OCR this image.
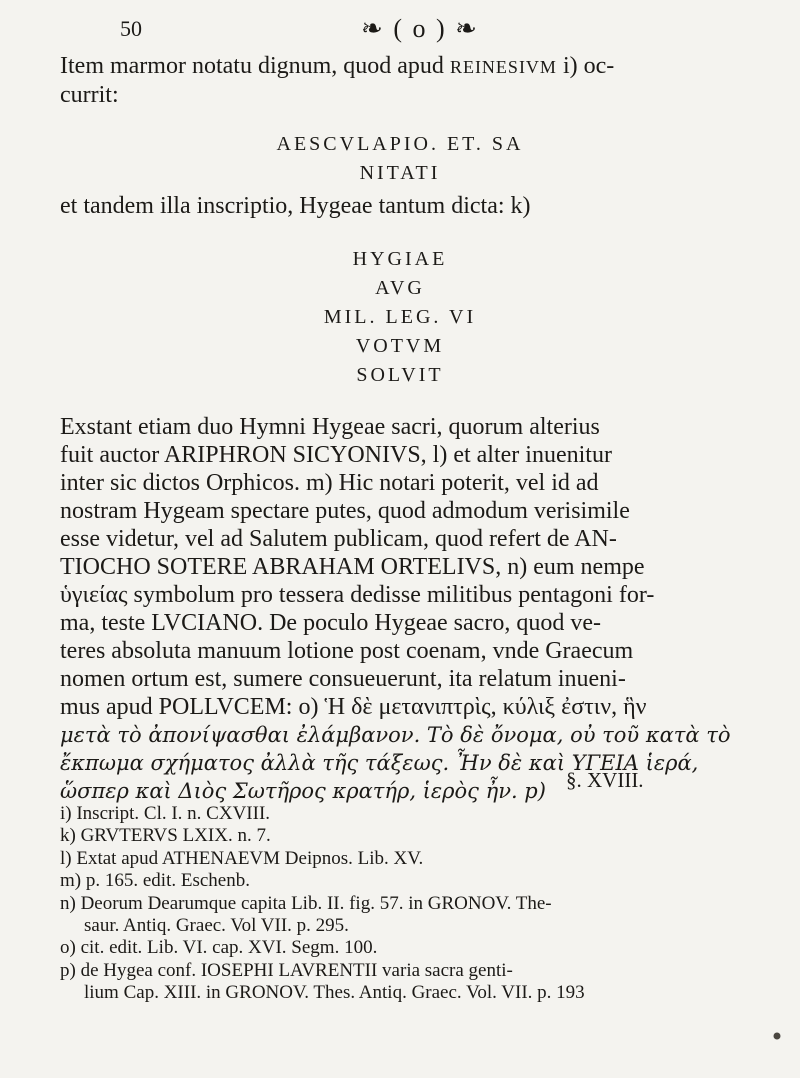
50	❧ ( o ) ❧
Item marmor notatu dignum, quod apud REINESIVM i) oc-
currit:
AESCVLAPIO. ET. SA
NITATI
et tandem illa inscriptio, Hygeae tantum dicta: k)
HYGIAE
AVG
MIL. LEG. VI
VOTVM
SOLVIT

Exstant etiam duo Hymni Hygeae sacri, quorum alterius

fuit auctor ARIPHRON SICYONIVS, l) et alter inuenitur

inter sic dictos Orphicos. m) Hic notari poterit, vel id ad

nostram Hygeam spectare putes, quod admodum verisimile

esse videtur, vel ad Salutem publicam, quod refert de AN-

TIOCHO SOTERE ABRAHAM ORTELIVS, n) eum nempe

ὑγιείας symbolum pro tessera dedisse militibus pentagoni for-

ma, teste LVCIANO. De poculo Hygeae sacro, quod ve-

teres absoluta manuum lotione post coenam, vnde Graecum

nomen ortum est, sumere consueuerunt, ita relatum inueni-

mus apud POLLVCEM: o) Ἡ δὲ μετανιπτρὶς, κύλιξ ἐστιν, ἣν

μετὰ τὸ ἀπονίψασθαι ἐλάμβανον. Τὸ δὲ ὄνομα, οὐ τοῦ κατὰ τὸ

ἔκπωμα σχήματος ἀλλὰ τῆς τάξεως. Ἦν δὲ καὶ ΥΓΕΙΑ ἱερά,

ὥσπερ καὶ Διὸς Σωτῆρος κρατήρ, ἱερὸς ἦν. p) §. XVIII.
i) Inscript. Cl. I. n. CXVIII.
k) GRVTERVS LXIX. n. 7.
l) Extat apud ATHENAEVM Deipnos. Lib. XV.
m) p. 165. edit. Eschenb.
n) Deorum Dearumque capita Lib. II. fig. 57. in GRONOV. The-
saur. Antiq. Graec. Vol VII. p. 295.
o) cit. edit. Lib. VI. cap. XVI. Segm. 100.
p) de Hygea conf. IOSEPHI LAVRENTII varia sacra genti-
lium Cap. XIII. in GRONOV. Thes. Antiq. Graec. Vol. VII. p. 193
